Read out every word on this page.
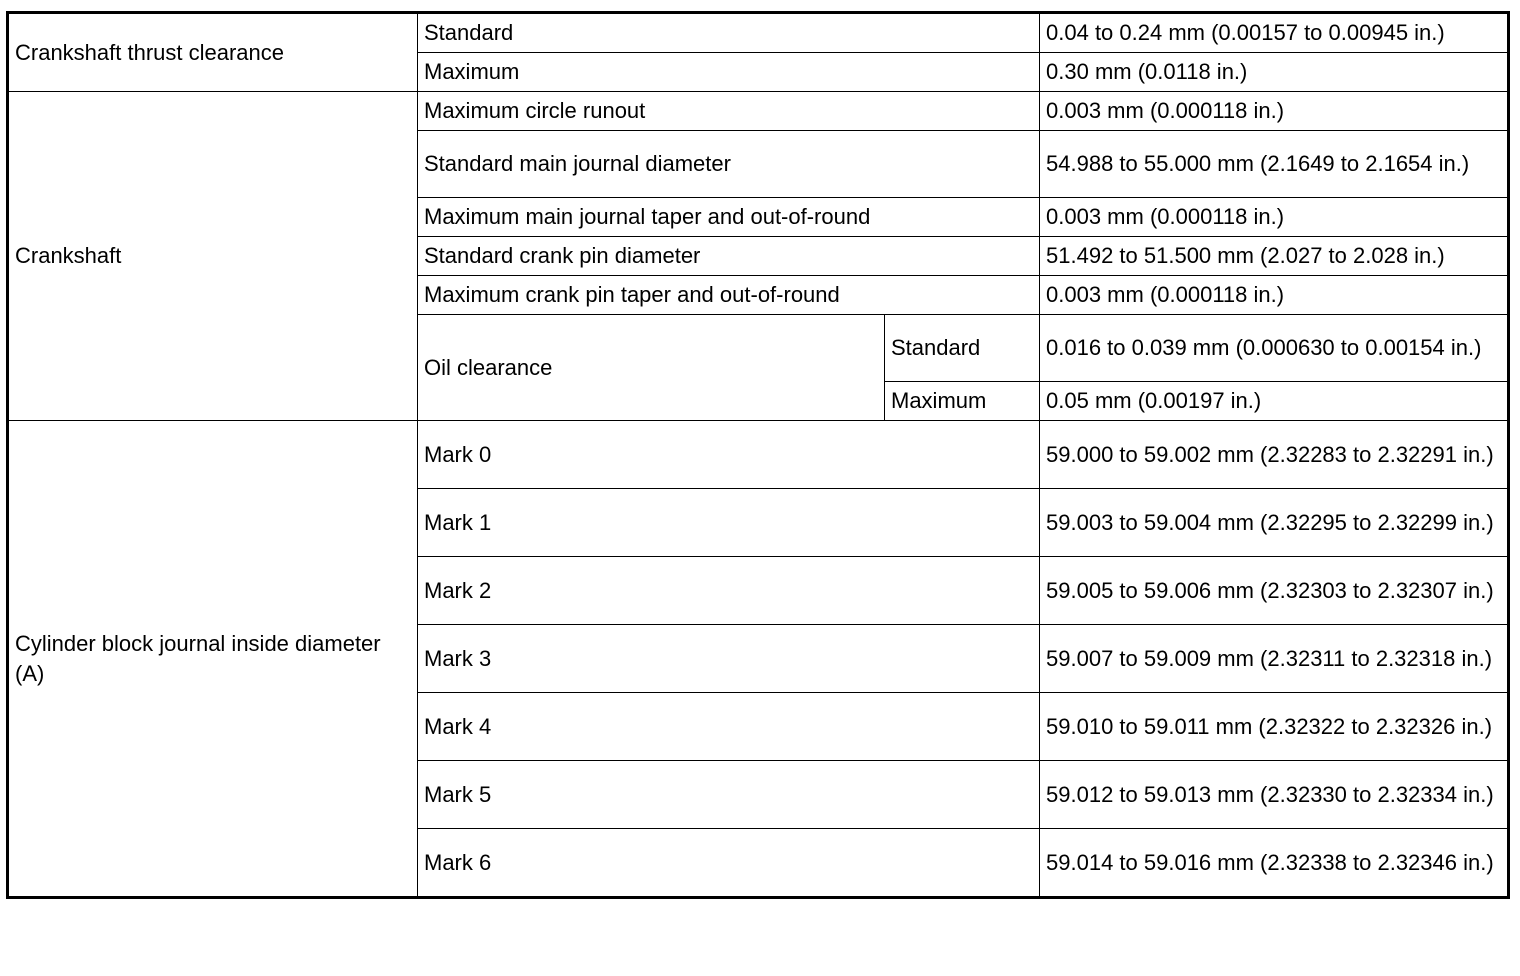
Crankshaft thrust clearance	Standard		0.04 to 0.24 mm (0.00157 to 0.00945 in.)
	Maximum		0.30 mm (0.0118 in.)
Crankshaft	Maximum circle runout		0.003 mm (0.000118 in.)
	Standard main journal diameter		54.988 to 55.000 mm (2.1649 to 2.1654 in.)
	Maximum main journal taper and out-of-round		0.003 mm (0.000118 in.)
	Standard crank pin diameter		51.492 to 51.500 mm (2.027 to 2.028 in.)
	Maximum crank pin taper and out-of-round		0.003 mm (0.000118 in.)
	Oil clearance	Standard	0.016 to 0.039 mm (0.000630 to 0.00154 in.)
		Maximum	0.05 mm (0.00197 in.)
Cylinder block journal inside diameter (A)	Mark 0		59.000 to 59.002 mm (2.32283 to 2.32291 in.)
	Mark 1		59.003 to 59.004 mm (2.32295 to 2.32299 in.)
	Mark 2		59.005 to 59.006 mm (2.32303 to 2.32307 in.)
	Mark 3		59.007 to 59.009 mm (2.32311 to 2.32318 in.)
	Mark 4		59.010 to 59.011 mm (2.32322 to 2.32326 in.)
	Mark 5		59.012 to 59.013 mm (2.32330 to 2.32334 in.)
	Mark 6		59.014 to 59.016 mm (2.32338 to 2.32346 in.)
